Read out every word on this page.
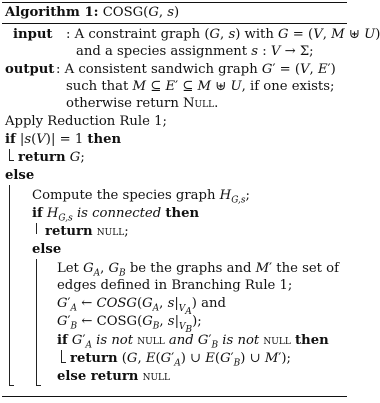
Algorithm 1: COSG(G, s)
input : A constraint graph (G, s) with G = (V, M ⊎ U)
and a species assignment s : V → Σ;
output : A consistent sandwich graph G′ = (V, E′)
such that M ⊆ E′ ⊆ M ⊎ U, if one exists;
otherwise return Null.
Apply Reduction Rule 1;
if |s(V)| = 1 then
return G;
else
Compute the species graph $H_{G,s}$;
if $H_{G,s}$ is connected then
return null;
else
Let $G_A$, $G_B$ be the graphs and M′ the set of
edges defined in Branching Rule 1;
$G'_A$ ← $COSG(G_A$, $s|_{V_A}$) and
$G'_B$ ← $COSG(G_B$, $s|_{V_B}$);
if $G'_A$ is not null and $G'_B$ is not null then
return (G, $E(G'_A)$ ∪ $E(G'_B)$ ∪ M′);
else return null
